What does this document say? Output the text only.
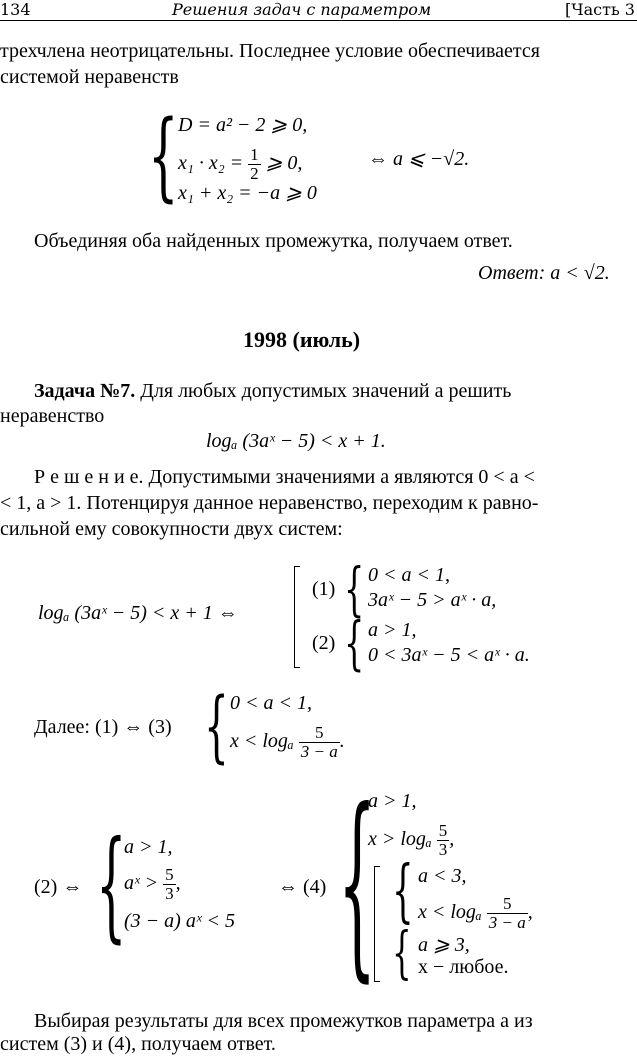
134	Решения задач с параметром	[Часть 3
трехчлена неотрицательны. Последнее условие обеспечивается
системой неравенств
{ D = a² − 2 ⩾ 0,
$x_1 \cdot x_2 = \frac{1}{2}$ ⩾ 0,
x₁ + x₂ = −a ⩾ 0
⇔ a ⩽ −√2.
Объединяя оба найденных промежутка, получаем ответ.
Ответ: a < √2.
1998 (июль)
Задача №7. Для любых допустимых значений a решить
неравенство
logₐ (3aˣ − 5) < x + 1.
Р е ш е н и е. Допустимыми значениями a являются 0 < a <
< 1, a > 1. Потенцируя данное неравенство, переходим к равно-
сильной ему совокупности двух систем:
logₐ (3aˣ − 5) < x + 1 ⇔
(1) { 0 < a < 1,
3aˣ − 5 > aˣ · a,
(2) { a > 1,
0 < 3aˣ − 5 < aˣ · a.
Далее: (1) ⇔ (3) { 0 < a < 1,
x < logₐ $\frac{5}{3 - a}$ .
(2) ⇔ {
a > 1,
aˣ > $\frac{5}{3}$ ,
(3 − a) aˣ < 5
⇔ (4) {
a > 1,
x > logₐ $\frac{5}{3}$ ,
{ a < 3,
x < logₐ $\frac{5}{3 - a}$ ,
{ a ⩾ 3,
x − любое.
Выбирая результаты для всех промежутков параметра a из
систем (3) и (4), получаем ответ.
